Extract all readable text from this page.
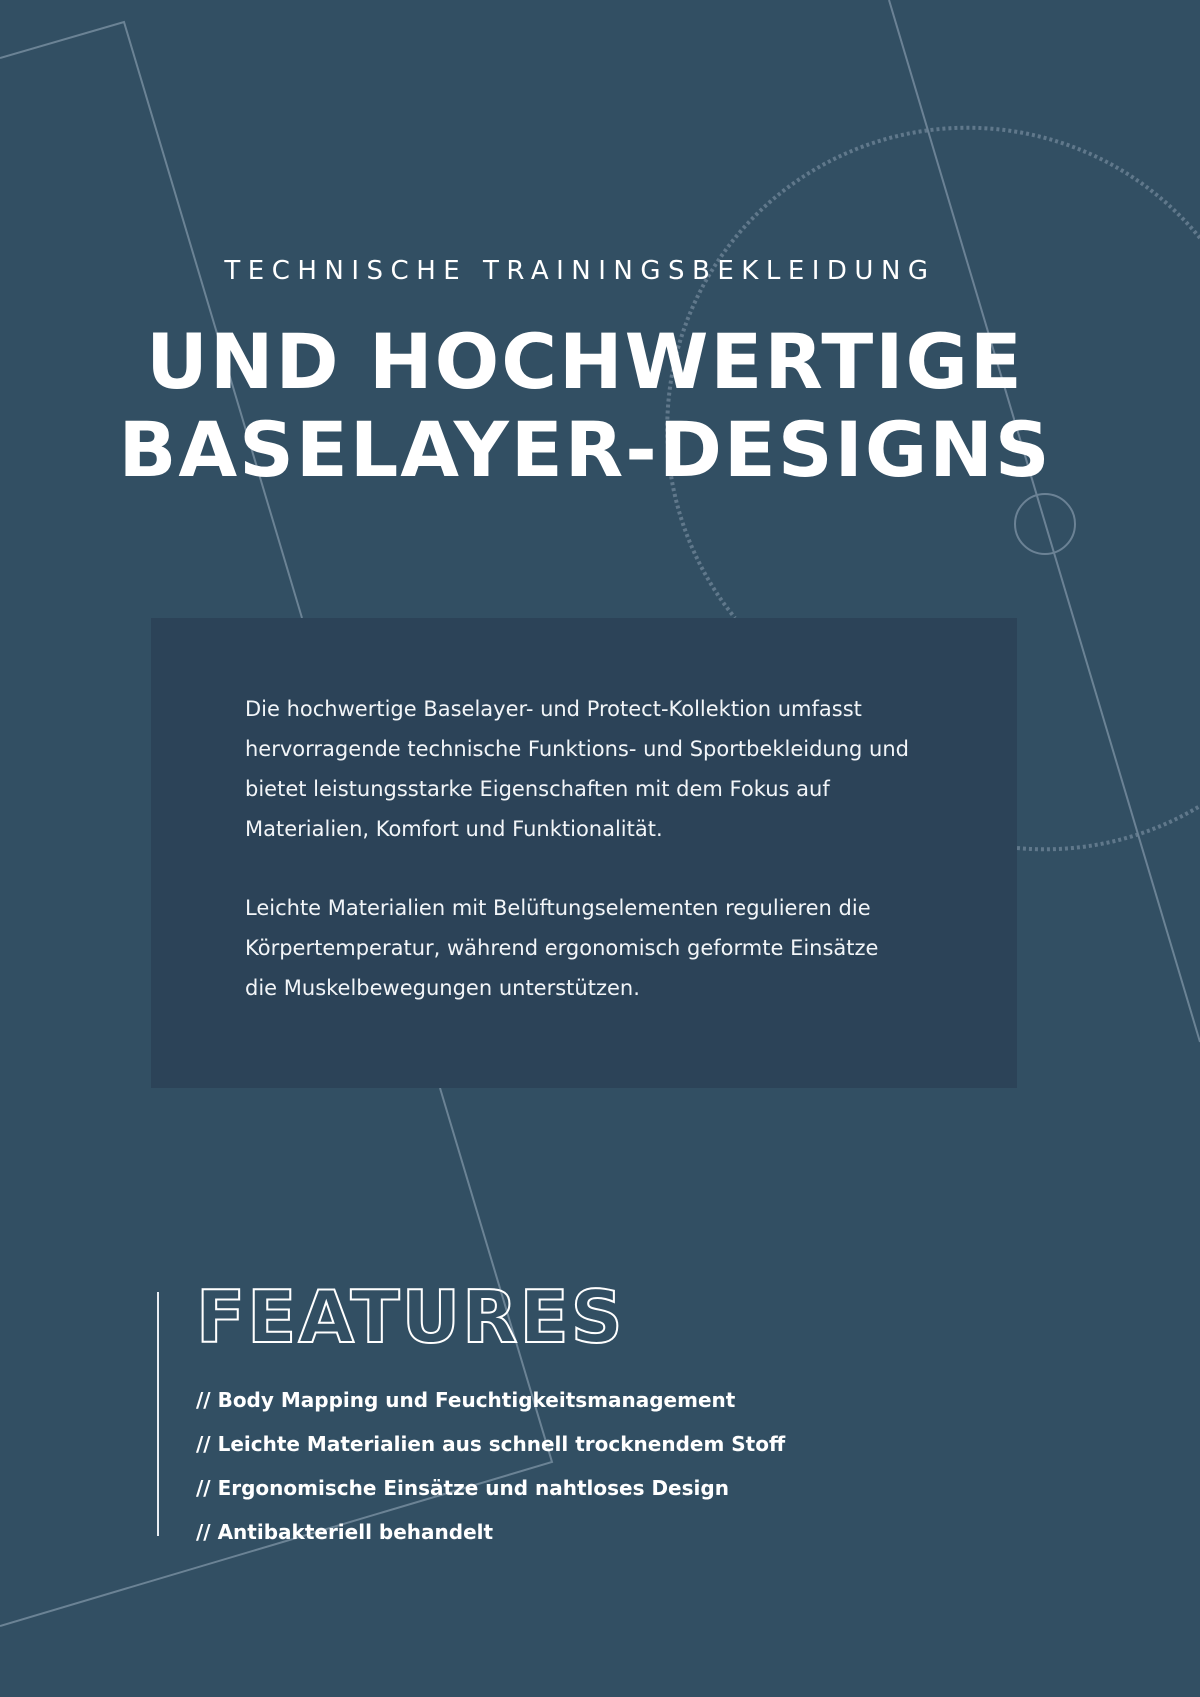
TECHNISCHE TRAININGSBEKLEIDUNG
UND HOCHWERTIGE
BASELAYER-DESIGNS

Die hochwertige Baselayer- und Protect-Kollektion umfasst
hervorragende technische Funktions- und Sportbekleidung und
bietet leistungsstarke Eigenschaften mit dem Fokus auf
Materialien, Komfort und Funktionalität.

Leichte Materialien mit Belüftungselementen regulieren die
Körpertemperatur, während ergonomisch geformte Einsätze
die Muskelbewegungen unterstützen.

FEATURES
// Body Mapping und Feuchtigkeitsmanagement
// Leichte Materialien aus schnell trocknendem Stoff
// Ergonomische Einsätze und nahtloses Design
// Antibakteriell behandelt
